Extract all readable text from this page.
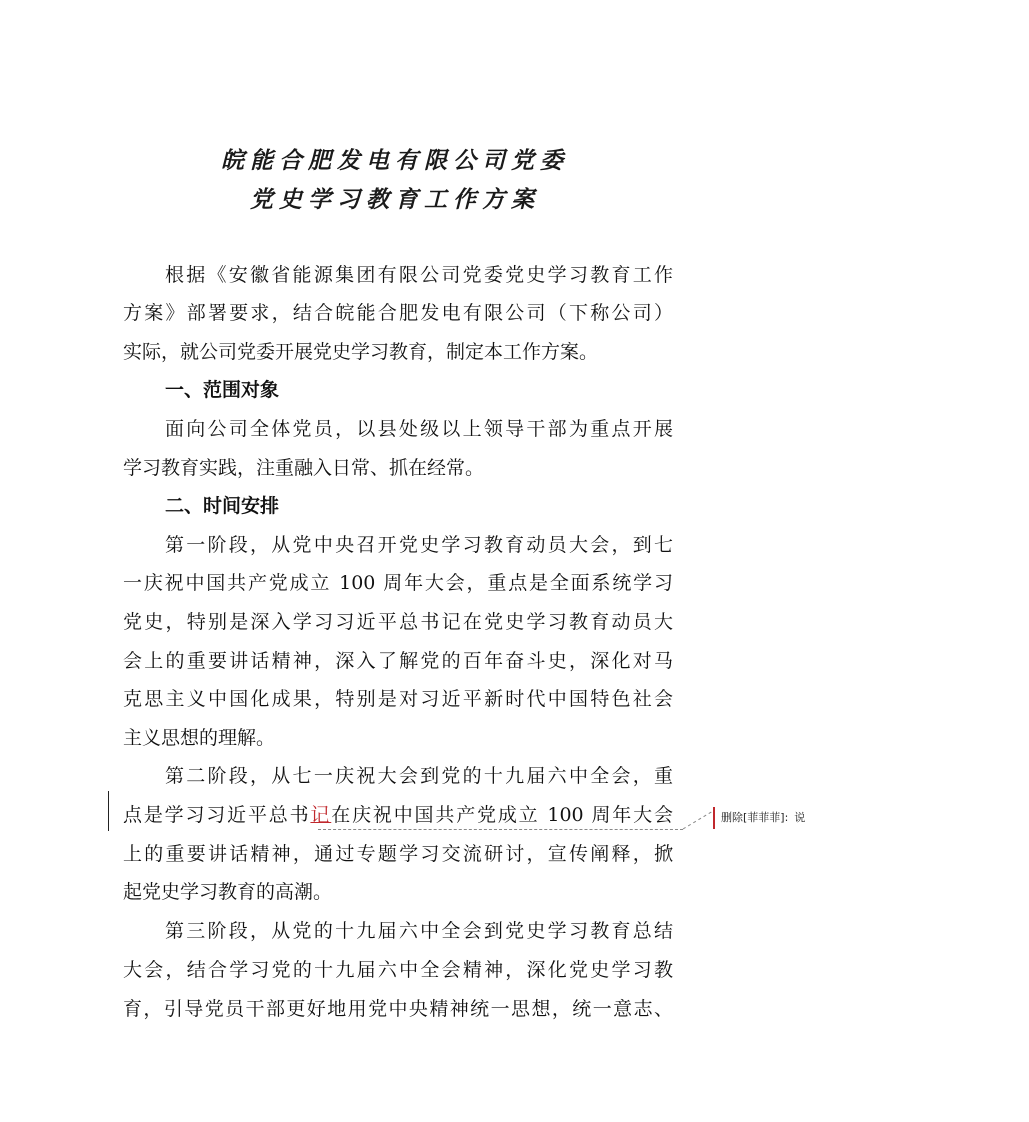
皖能合肥发电有限公司党委
党史学习教育工作方案
根据《安徽省能源集团有限公司党委党史学习教育工作
方案》部署要求，结合皖能合肥发电有限公司（下称公司）
实际，就公司党委开展党史学习教育，制定本工作方案。
一、范围对象
面向公司全体党员，以县处级以上领导干部为重点开展
学习教育实践，注重融入日常、抓在经常。
二、时间安排
第一阶段，从党中央召开党史学习教育动员大会，到七
一庆祝中国共产党成立 100 周年大会，重点是全面系统学习
党史，特别是深入学习习近平总书记在党史学习教育动员大
会上的重要讲话精神，深入了解党的百年奋斗史，深化对马
克思主义中国化成果，特别是对习近平新时代中国特色社会
主义思想的理解。
第二阶段，从七一庆祝大会到党的十九届六中全会，重
点是学习习近平总书记在庆祝中国共产党成立 100 周年大会
上的重要讲话精神，通过专题学习交流研讨，宣传阐释，掀
起党史学习教育的高潮。
第三阶段，从党的十九届六中全会到党史学习教育总结
大会，结合学习党的十九届六中全会精神，深化党史学习教
育，引导党员干部更好地用党中央精神统一思想，统一意志、
删除[菲菲菲]: 说
